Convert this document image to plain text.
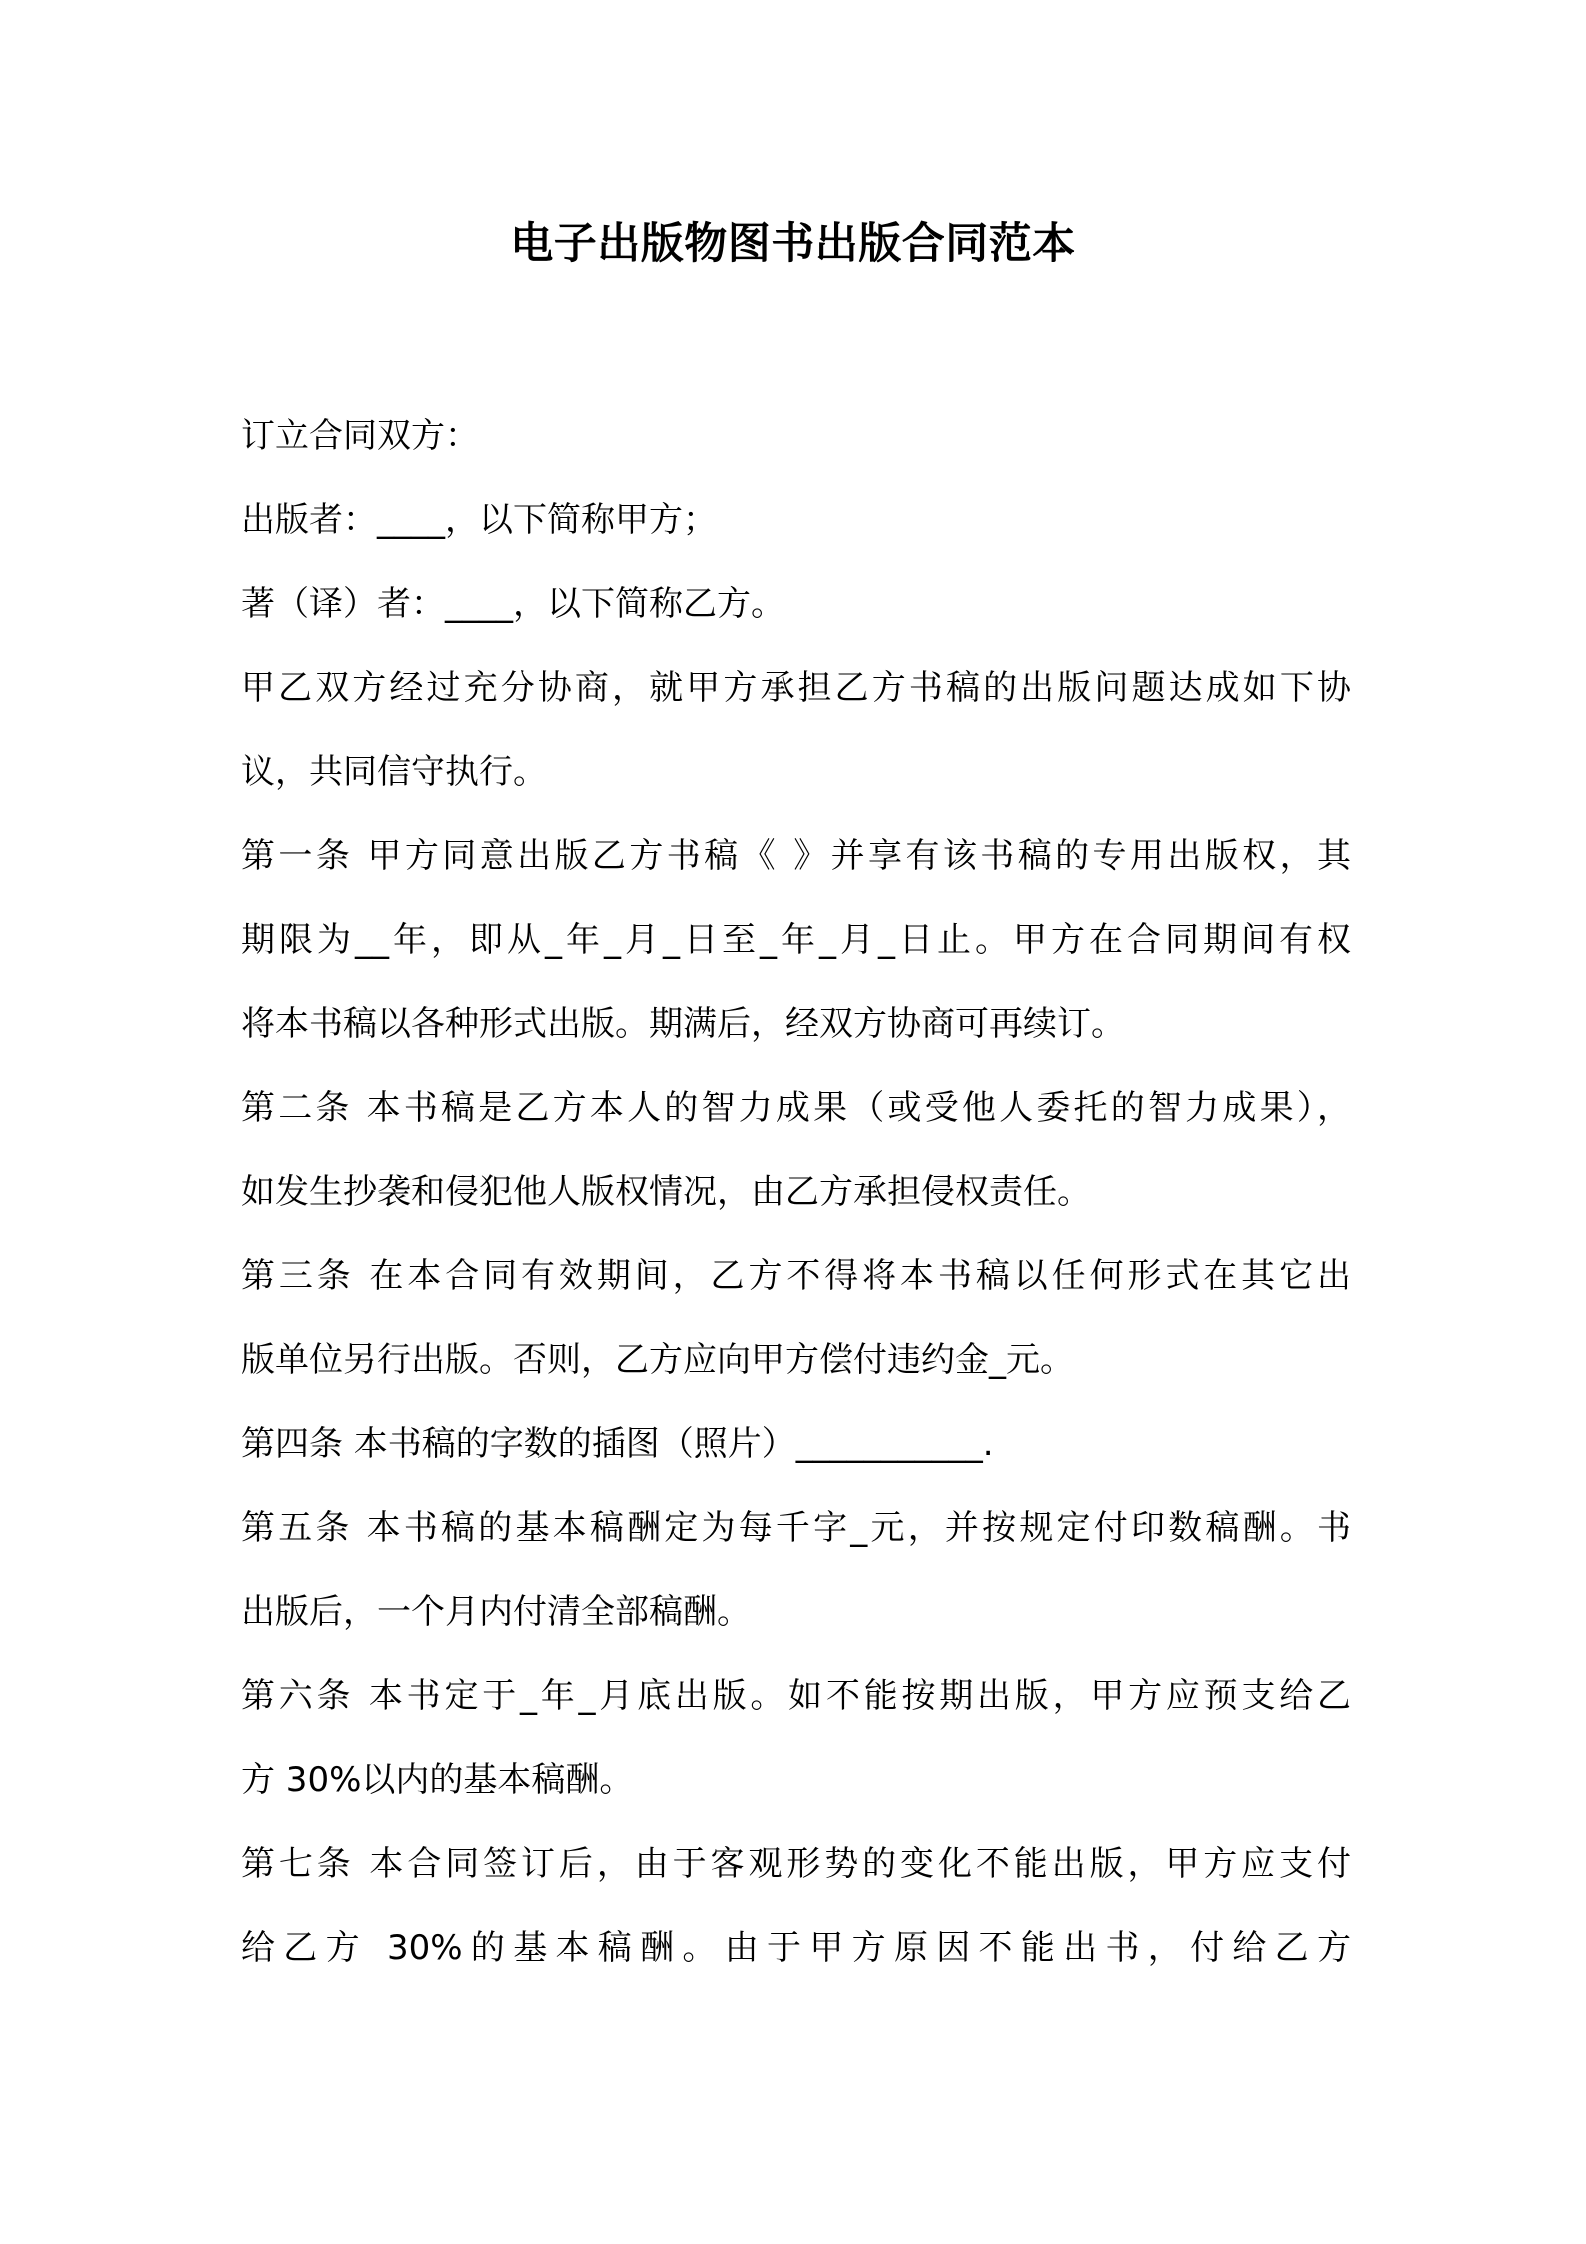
电子出版物图书出版合同范本
订立合同双方：
出版者：____，以下简称甲方；
著（译）者：____，以下简称乙方。
甲乙双方经过充分协商，就甲方承担乙方书稿的出版问题达成如下协
议，共同信守执行。
第一条 甲方同意出版乙方书稿《 》并享有该书稿的专用出版权，其
期限为__年，即从_年_月_日至_年_月_日止。甲方在合同期间有权
将本书稿以各种形式出版。期满后，经双方协商可再续订。
第二条 本书稿是乙方本人的智力成果（或受他人委托的智力成果），
如发生抄袭和侵犯他人版权情况，由乙方承担侵权责任。
第三条 在本合同有效期间，乙方不得将本书稿以任何形式在其它出
版单位另行出版。否则，乙方应向甲方偿付违约金_元。
第四条 本书稿的字数的插图（照片）___________.
第五条 本书稿的基本稿酬定为每千字_元，并按规定付印数稿酬。书
出版后，一个月内付清全部稿酬。
第六条 本书定于_年_月底出版。如不能按期出版，甲方应预支给乙
方 30%以内的基本稿酬。
第七条 本合同签订后，由于客观形势的变化不能出版，甲方应支付
给乙方 30%的基本稿酬。由于甲方原因不能出书，付给乙方
